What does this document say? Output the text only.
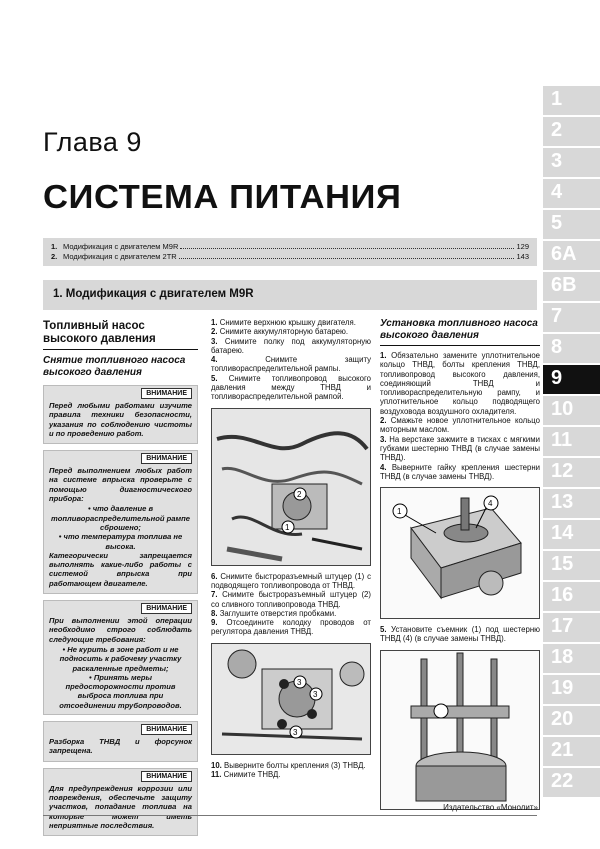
Глава 9
СИСТЕМА ПИТАНИЯ
1. Модификация с двигателем M9R	129
2. Модификация с двигателем 2TR	143
1. Модификация с двигателем M9R
Топливный насос высокого давления
Снятие топливного насоса высокого давления
ВНИМАНИЕ

Перед любыми работами изучите правила техники безопасности, указания по соблюдению чистоты и по проведению работ.

ВНИМАНИЕ

Перед выполнением любых работ на системе впрыска проверьте с помощью диагностического прибора:

• что давление в топливораспределительной рампе сброшено;
• что температура топлива не высока.

Категорически запрещается выполнять какие-либо работы с системой впрыска при работающем двигателе.

ВНИМАНИЕ

При выполнении этой операции необходимо строго соблюдать следующие требования:

• Не курить в зоне работ и не подносить к рабочему участку раскаленные предметы;
• Принять меры предосторожности против выброса топлива при отсоединении трубопроводов.
ВНИМАНИЕ

Разборка ТНВД и форсунок запрещена.

ВНИМАНИЕ

Для предупреждения коррозии или повреждения, обеспечьте защиту участков, попадание топлива на которые может иметь неприятные последствия.

1. Снимите верхнюю крышку двигателя.

2. Снимите аккумуляторную батарею.

3. Снимите полку под аккумуляторную батарею.

4.	Снимите защиту топливораспределительной рампы.

5. Снимите топливопровод высокого давления между ТНВД и топливораспределительной рампой.

2
1

6. Снимите быстроразъемный штуцер (1) с подводящего топливопровода от ТНВД.

7. Снимите быстроразъемный штуцер (2) со сливного топливопровода ТНВД.

8. Заглушите отверстия пробками.

9. Отсоедините колодку проводов от регулятора давления ТНВД.

3
3
3

10. Выверните болты крепления (3) ТНВД.

11. Снимите ТНВД.

Установка топливного насоса высокого давления

1. Обязательно замените уплотнительное кольцо ТНВД, болты крепления ТНВД, топливопровод высокого давления, соединяющий ТНВД и топливораспределительную рампу, и уплотнительное кольцо подводящего воздуховода воздушного охладителя.

2. Смажьте новое уплотнительное кольцо моторным маслом.

3. На верстаке зажмите в тисках с мягкими губками шестерню ТНВД (в случае замены ТНВД).

4. Выверните гайку крепления шестерни ТНВД (в случае замены ТНВД).

1
4

5. Установите съемник (1) под шестерню ТНВД (4) (в случае замены ТНВД).

1
2
3
4
5
6A
6B
7
8
9
10
11
12
13
14
15
16
17
18
19
20
21
22
Издательство «Монолит»
